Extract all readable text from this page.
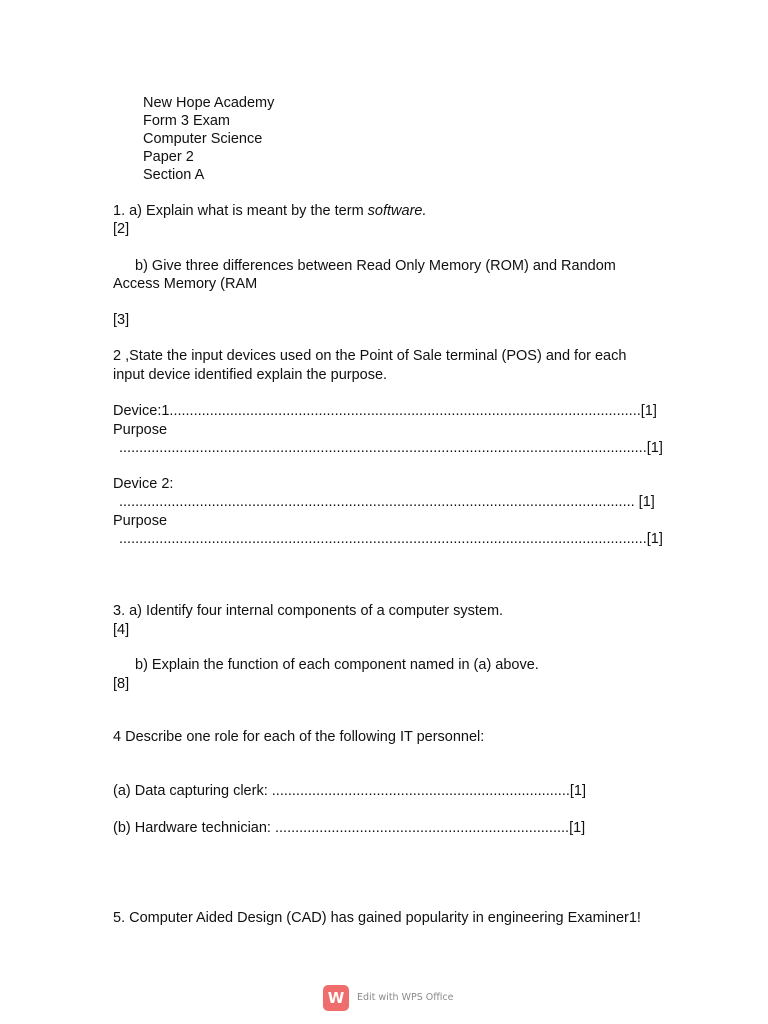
New Hope Academy
Form 3 Exam
Computer Science
Paper 2
Section A
1. a) Explain what is meant by the term software.
[2]
b) Give three differences between Read Only Memory (ROM) and Random
Access Memory (RAM
[3]
2 ,State the input devices used on the Point of Sale terminal (POS) and for each
input device identified explain the purpose.
Device:1.....................................................................................................................[1]
Purpose
...................................................................................................................................[1]
Device 2:
................................................................................................................................ [1]
Purpose
...................................................................................................................................[1]
3. a) Identify four internal components of a computer system.
[4]
b) Explain the function of each component named in (a) above.
[8]
4 Describe one role for each of the following IT personnel:
(a) Data capturing clerk: ..........................................................................[1]
(b) Hardware technician: .........................................................................[1]
5. Computer Aided Design (CAD) has gained popularity in engineering Examiner1!
W	Edit with WPS Office
